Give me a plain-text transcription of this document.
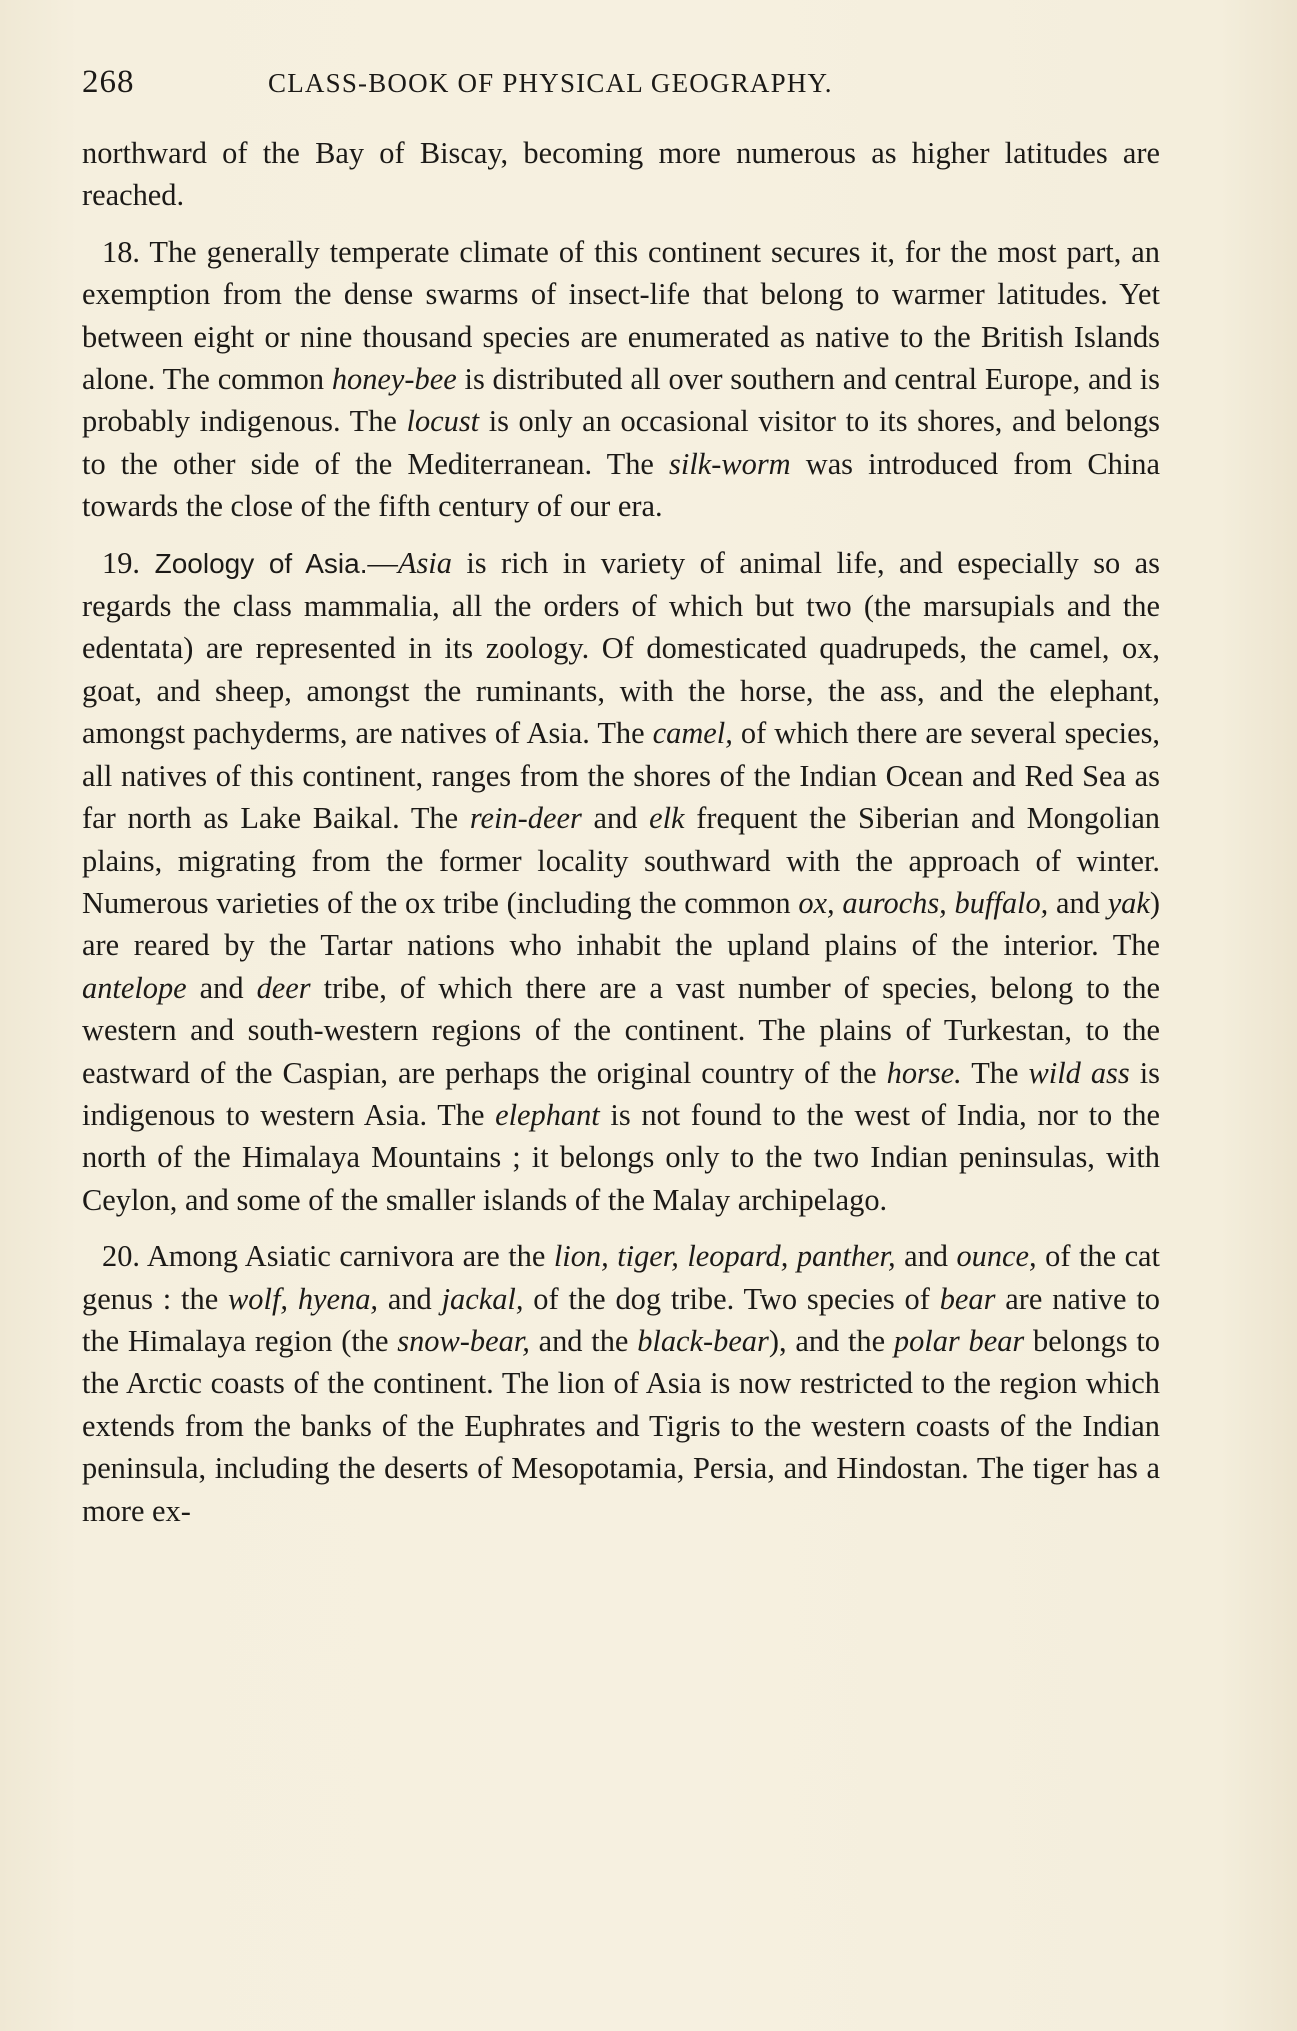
268	CLASS-BOOK OF PHYSICAL GEOGRAPHY.

northward of the Bay of Biscay, becoming more numerous as higher latitudes are reached.

18. The generally temperate climate of this continent secures it, for the most part, an exemption from the dense swarms of insect-life that belong to warmer latitudes. Yet between eight or nine thousand species are enumerated as native to the British Islands alone. The common honey-bee is distributed all over southern and central Europe, and is probably indigenous. The locust is only an occasional visitor to its shores, and belongs to the other side of the Mediterranean. The silk-worm was introduced from China towards the close of the fifth century of our era.

19. Zoology of Asia.—Asia is rich in variety of animal life, and especially so as regards the class mammalia, all the orders of which but two (the marsupials and the edentata) are represented in its zoology. Of domesticated quadrupeds, the camel, ox, goat, and sheep, amongst the ruminants, with the horse, the ass, and the elephant, amongst pachyderms, are natives of Asia. The camel, of which there are several species, all natives of this continent, ranges from the shores of the Indian Ocean and Red Sea as far north as Lake Baikal. The rein-deer and elk frequent the Siberian and Mongolian plains, migrating from the former locality southward with the approach of winter. Numerous varieties of the ox tribe (including the common ox, aurochs, buffalo, and yak) are reared by the Tartar nations who inhabit the upland plains of the interior. The antelope and deer tribe, of which there are a vast number of species, belong to the western and south-western regions of the continent. The plains of Turkestan, to the eastward of the Caspian, are perhaps the original country of the horse. The wild ass is indigenous to western Asia. The elephant is not found to the west of India, nor to the north of the Himalaya Mountains ; it belongs only to the two Indian peninsulas, with Ceylon, and some of the smaller islands of the Malay archipelago.

20. Among Asiatic carnivora are the lion, tiger, leopard, panther, and ounce, of the cat genus : the wolf, hyena, and jackal, of the dog tribe. Two species of bear are native to the Himalaya region (the snow-bear, and the black-bear), and the polar bear belongs to the Arctic coasts of the continent. The lion of Asia is now restricted to the region which extends from the banks of the Euphrates and Tigris to the western coasts of the Indian peninsula, including the deserts of Mesopotamia, Persia, and Hindostan. The tiger has a more ex-
